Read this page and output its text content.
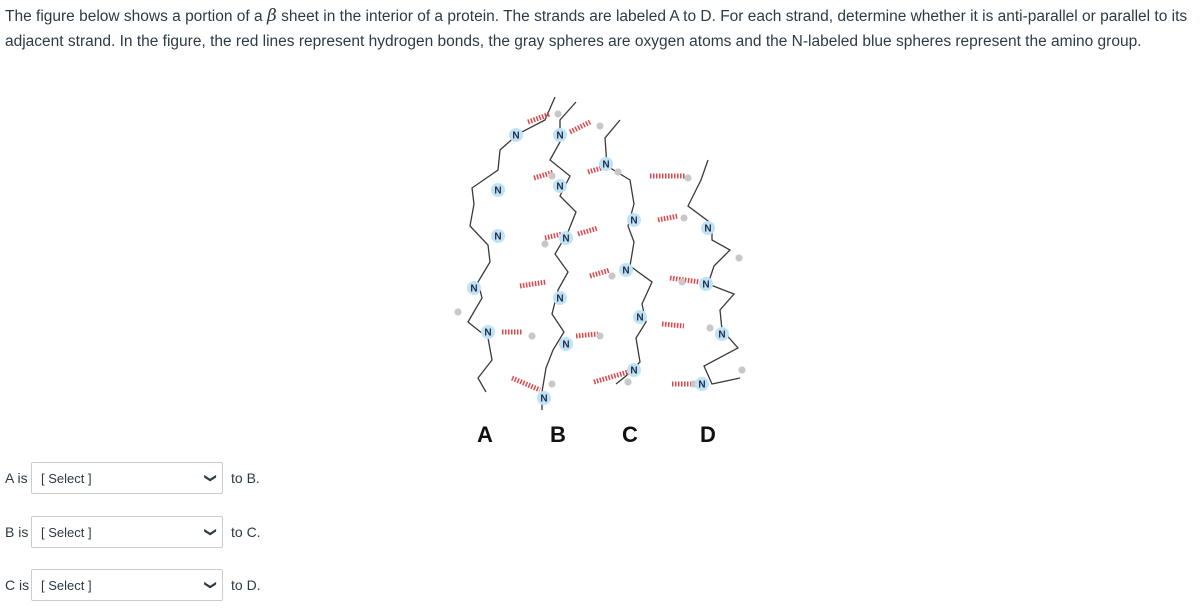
The figure below shows a portion of a β sheet in the interior of a protein. The strands are labeled A to D. For each strand, determine whether it is anti-parallel or parallel to its adjacent strand. In the figure, the red lines represent hydrogen bonds, the gray spheres are oxygen atoms and the N-labeled blue spheres represent the amino group.

N	N
N
N
N
N
N	N
N
N
N
N
N
N
N
N
N
N
N
N
A	B	C	D
A is [ Select ]	❯ to B.
B is [ Select ]	❯ to C.
C is [ Select ]	❯ to D.
